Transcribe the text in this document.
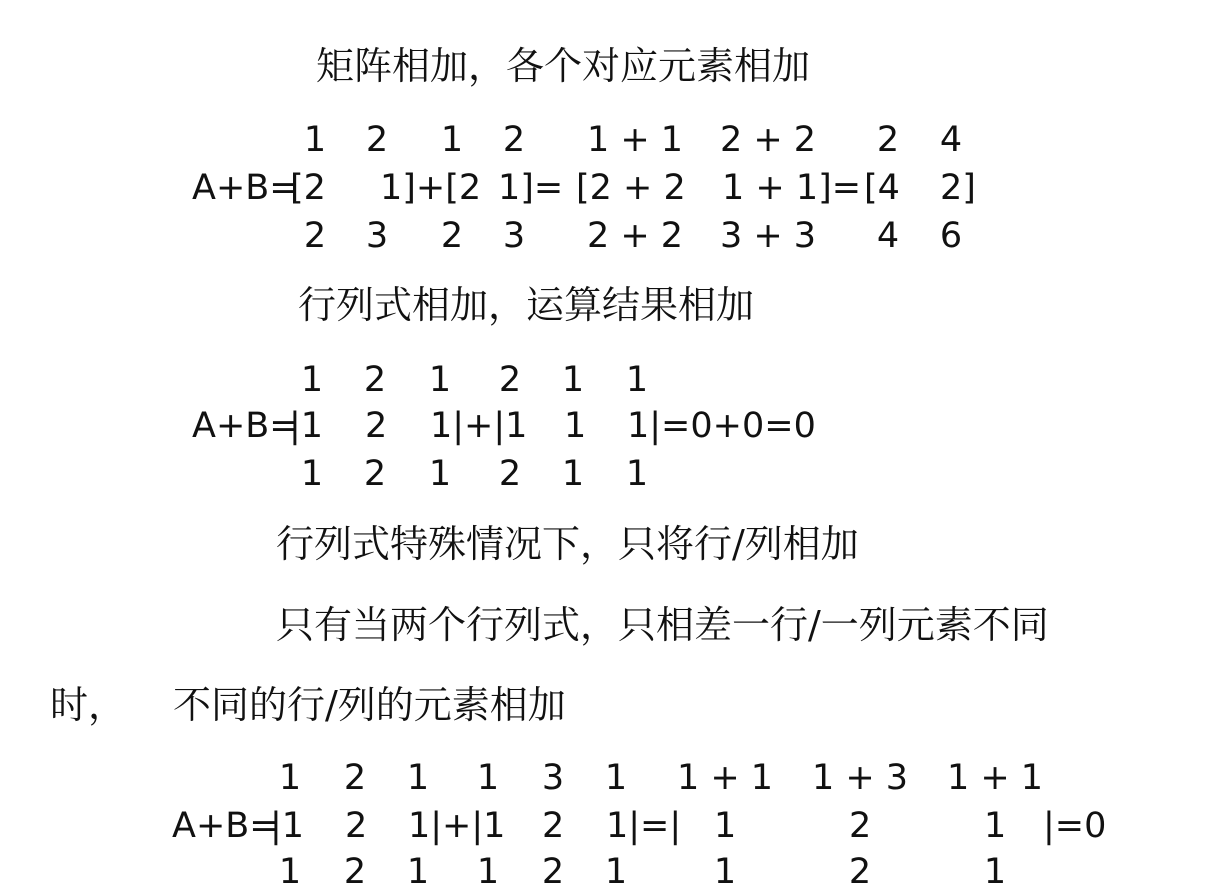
矩阵相加，各个对应元素相加
1 2 1 2 1 + 1 2 + 2 2 4
A+B=
[2 1]+[2 1]= [2 + 2 1 + 1]= [4 2]
2 3 2 3 2 + 2 3 + 3 4 6
行列式相加，运算结果相加
1 2 1 2 1 1
A+B=
|1 2 1|+|1 1 1|=0+0=0
1 2 1 2 1 1
行列式特殊情况下，只将行/列相加
只有当两个行列式，只相差一行/一列元素不同
时， 不同的行/列的元素相加
1 2 1 1 3 1 1 + 1 1 + 3 1 + 1
A+B=
|1 2 1|+|1 2 1|=| 1	2	1 |=0
1 2 1 1 2 1 1	2	1
